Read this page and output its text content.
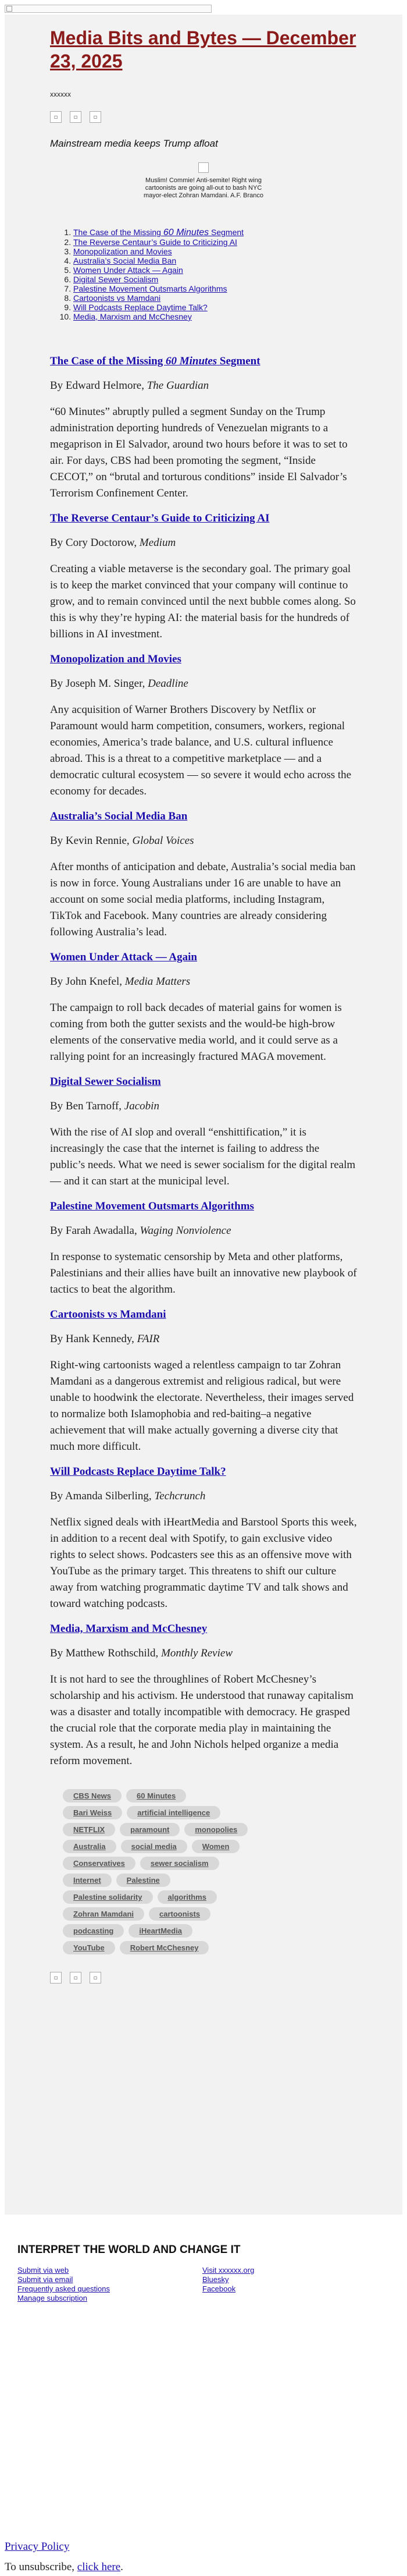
Media Bits and Bytes — December 23, 2025
xxxxxx
▫	▫	▫
Mainstream media keeps Trump afloat
Muslim! Commie! Anti-semite! Right wing cartoonists are going all-out to bash NYC mayor-elect Zohran Mamdani. A.F. Branco
1. The Case of the Missing 60 Minutes Segment
2. The Reverse Centaur’s Guide to Criticizing AI
3. Monopolization and Movies
4. Australia’s Social Media Ban
5. Women Under Attack — Again
6. Digital Sewer Socialism
7. Palestine Movement Outsmarts Algorithms
8. Cartoonists vs Mamdani
9. Will Podcasts Replace Daytime Talk?
10. Media, Marxism and McChesney
The Case of the Missing 60 Minutes Segment
By Edward Helmore, The Guardian
“60 Minutes” abruptly pulled a segment Sunday on the Trump administration deporting hundreds of Venezuelan migrants to a megaprison in El Salvador, around two hours before it was to set to air. For days, CBS had been promoting the segment, “Inside CECOT,” on “brutal and torturous conditions” inside El Salvador’s Terrorism Confinement Center.
The Reverse Centaur’s Guide to Criticizing AI
By Cory Doctorow, Medium
Creating a viable metaverse is the secondary goal. The primary goal is to keep the market convinced that your company will continue to grow, and to remain convinced until the next bubble comes along. So this is why they’re hyping AI: the material basis for the hundreds of billions in AI investment.
Monopolization and Movies
By Joseph M. Singer, Deadline
Any acquisition of Warner Brothers Discovery by Netflix or Paramount would harm competition, consumers, workers, regional economies, America’s trade balance, and U.S. cultural influence abroad. This is a threat to a competitive marketplace — and a democratic cultural ecosystem — so severe it would echo across the economy for decades.
Australia’s Social Media Ban
By Kevin Rennie, Global Voices
After months of anticipation and debate, Australia’s social media ban is now in force. Young Australians under 16 are unable to have an account on some social media platforms, including Instagram, TikTok and Facebook. Many countries are already considering following Australia’s lead.
Women Under Attack — Again
By John Knefel, Media Matters
The campaign to roll back decades of material gains for women is coming from both the gutter sexists and the would-be high-brow elements of the conservative media world, and it could serve as a rallying point for an increasingly fractured MAGA movement.
Digital Sewer Socialism
By Ben Tarnoff, Jacobin
With the rise of AI slop and overall “enshittification,” it is increasingly the case that the internet is failing to address the public’s needs. What we need is sewer socialism for the digital realm — and it can start at the municipal level.
Palestine Movement Outsmarts Algorithms
By Farah Awadalla, Waging Nonviolence
In response to systematic censorship by Meta and other platforms, Palestinians and their allies have built an innovative new playbook of tactics to beat the algorithm.
Cartoonists vs Mamdani
By Hank Kennedy, FAIR
Right-wing cartoonists waged a relentless campaign to tar Zohran Mamdani as a dangerous extremist and religious radical, but were unable to hoodwink the electorate. Nevertheless, their images served to normalize both Islamophobia and red-baiting–a negative achievement that will make actually governing a diverse city that much more difficult.
Will Podcasts Replace Daytime Talk?
By Amanda Silberling, Techcrunch
Netflix signed deals with iHeartMedia and Barstool Sports this week, in addition to a recent deal with Spotify, to gain exclusive video rights to select shows. Podcasters see this as an offensive move with YouTube as the primary target. This threatens to shift our culture away from watching programmatic daytime TV and talk shows and toward watching podcasts.
Media, Marxism and McChesney
By Matthew Rothschild, Monthly Review
It is not hard to see the throughlines of Robert McChesney’s scholarship and his activism. He understood that runaway capitalism was a disaster and totally incompatible with democracy. He grasped the crucial role that the corporate media play in maintaining the system. As a result, he and John Nichols helped organize a media reform movement.
CBS News	60 Minutes
Bari Weiss	artificial intelligence
NETFLIX	paramount	monopolies
Australia	social media	Women
Conservatives	sewer socialism
Internet	Palestine
Palestine solidarity	algorithms
Zohran Mamdani	cartoonists
podcasting	iHeartMedia
YouTube	Robert McChesney
▫	▫	▫
INTERPRET THE WORLD AND CHANGE IT
Submit via web
Submit via email
Frequently asked questions
Manage subscription
Visit xxxxxx.org
Bluesky
Facebook
Privacy Policy
To unsubscribe, click here.
